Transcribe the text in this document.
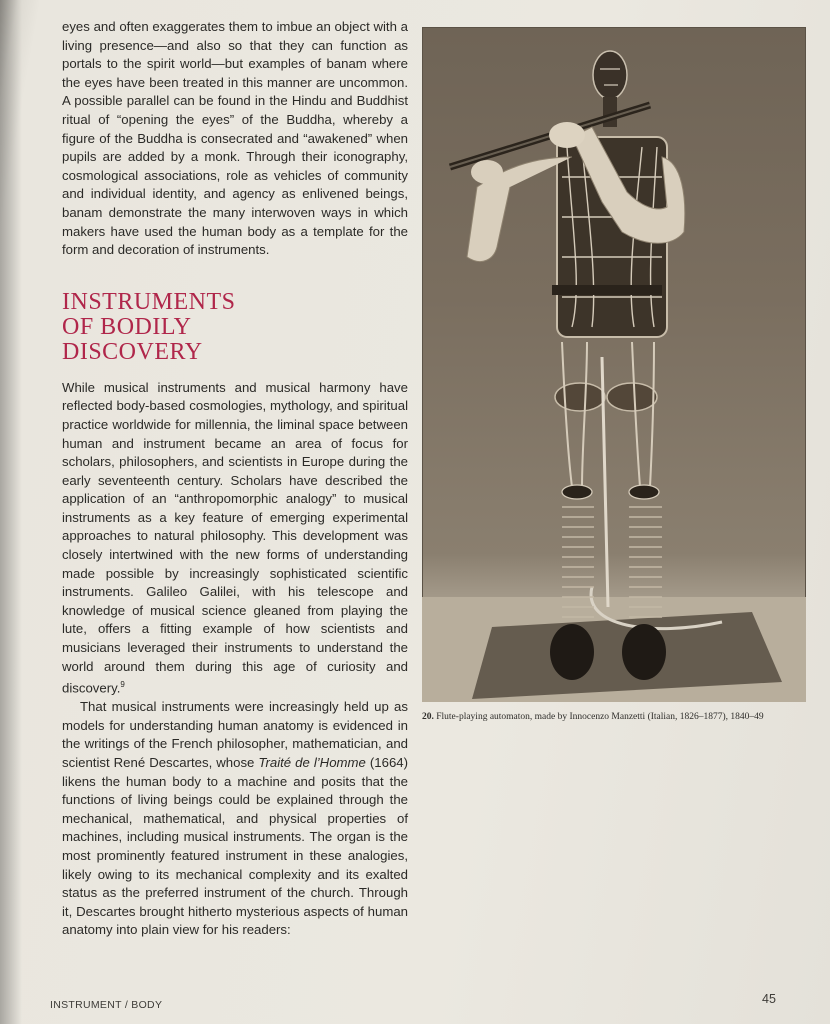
eyes and often exaggerates them to imbue an object with a living presence—and also so that they can function as portals to the spirit world—but examples of banam where the eyes have been treated in this manner are uncommon. A possible parallel can be found in the Hindu and Buddhist ritual of “opening the eyes” of the Buddha, whereby a figure of the Buddha is consecrated and “awakened” when pupils are added by a monk. Through their iconography, cosmological associations, role as vehicles of community and individual identity, and agency as enlivened beings, banam demonstrate the many interwoven ways in which makers have used the human body as a template for the form and decoration of instruments.

INSTRUMENTS
OF BODILY
DISCOVERY

While musical instruments and musical harmony have reflected body-based cosmologies, mythology, and spiritual practice worldwide for millennia, the liminal space between human and instrument became an area of focus for scholars, philosophers, and scientists in Europe during the early seventeenth century. Scholars have described the application of an “anthropomorphic analogy” to musical instruments as a key feature of emerging experimental approaches to natural philosophy. This development was closely intertwined with the new forms of understanding made possible by increasingly sophisticated scientific instruments. Galileo Galilei, with his telescope and knowledge of musical science gleaned from playing the lute, offers a fitting example of how scientists and musicians leveraged their instruments to understand the world around them during this age of curiosity and discovery.$^9$

That musical instruments were increasingly held up as models for understanding human anatomy is evidenced in the writings of the French philosopher, mathematician, and scientist René Descartes, whose Traité de l’Homme (1664) likens the human body to a machine and posits that the functions of living beings could be explained through the mechanical, mathematical, and physical properties of machines, including musical instruments. The organ is the most prominently featured instrument in these analogies, likely owing to its mechanical complexity and its exalted status as the preferred instrument of the church. Through it, Descartes brought hitherto mysterious aspects of human anatomy into plain view for his readers:

20. Flute-playing automaton, made by Innocenzo Manzetti (Italian, 1826–1877), 1840–49
INSTRUMENT / BODY	45
